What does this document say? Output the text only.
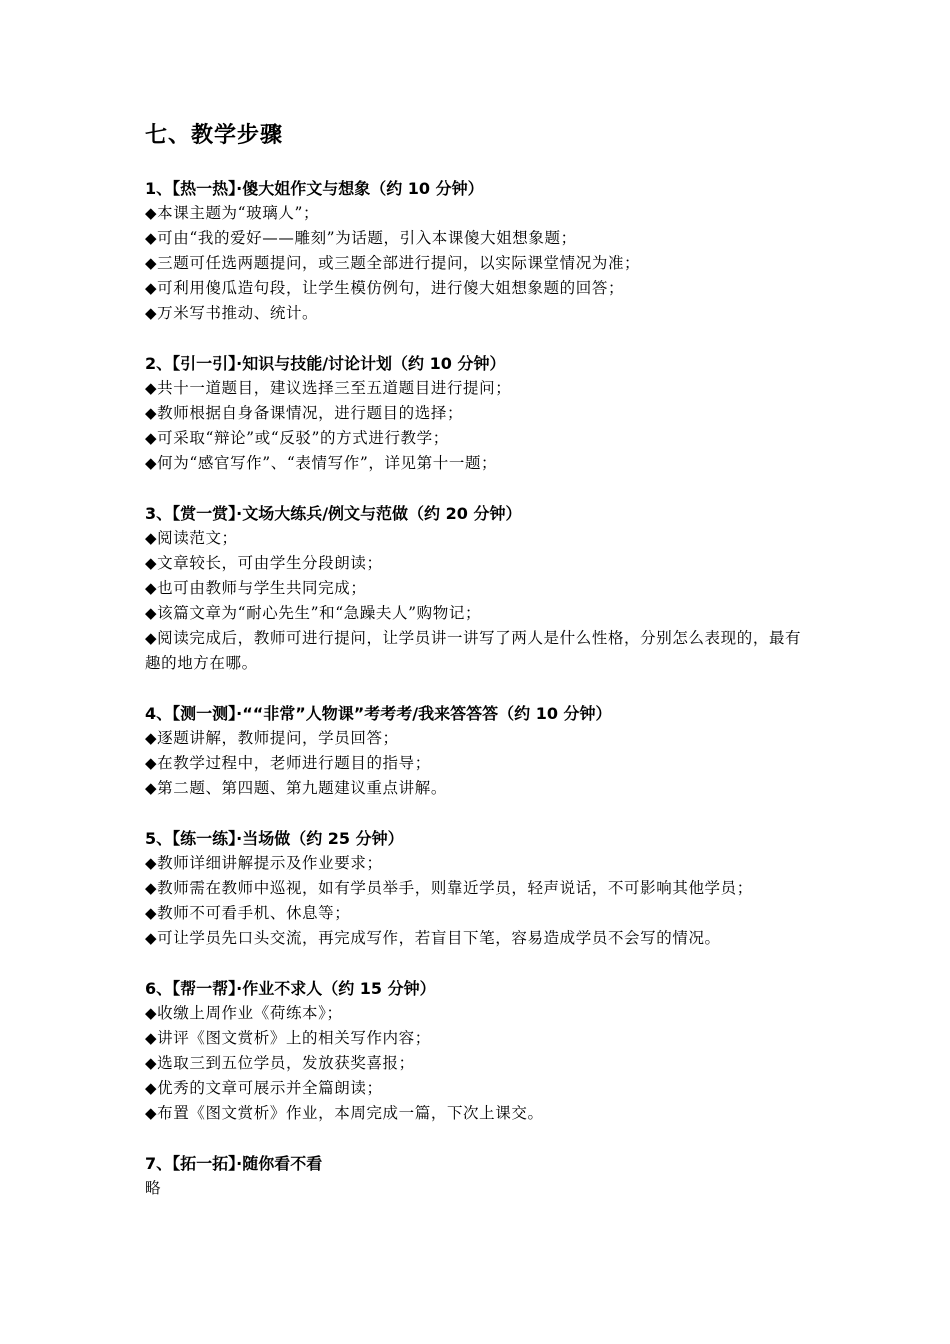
七、教学步骤
1、【热一热】·傻大姐作文与想象（约 10 分钟）
◆本课主题为“玻璃人”；
◆可由“我的爱好——雕刻”为话题，引入本课傻大姐想象题；
◆三题可任选两题提问，或三题全部进行提问，以实际课堂情况为准；
◆可利用傻瓜造句段，让学生模仿例句，进行傻大姐想象题的回答；
◆万米写书推动、统计。
2、【引一引】·知识与技能/讨论计划（约 10 分钟）
◆共十一道题目，建议选择三至五道题目进行提问；
◆教师根据自身备课情况，进行题目的选择；
◆可采取“辩论”或“反驳”的方式进行教学；
◆何为“感官写作”、“表情写作”，详见第十一题；
3、【赏一赏】·文场大练兵/例文与范做（约 20 分钟）
◆阅读范文；
◆文章较长，可由学生分段朗读；
◆也可由教师与学生共同完成；
◆该篇文章为“耐心先生”和“急躁夫人”购物记；
◆阅读完成后，教师可进行提问，让学员讲一讲写了两人是什么性格，分别怎么表现的，最有趣的地方在哪。
4、【测一测】·““非常”人物课”考考考/我来答答答（约 10 分钟）
◆逐题讲解，教师提问，学员回答；
◆在教学过程中，老师进行题目的指导；
◆第二题、第四题、第九题建议重点讲解。
5、【练一练】·当场做（约 25 分钟）
◆教师详细讲解提示及作业要求；
◆教师需在教师中巡视，如有学员举手，则靠近学员，轻声说话，不可影响其他学员；
◆教师不可看手机、休息等；
◆可让学员先口头交流，再完成写作，若盲目下笔，容易造成学员不会写的情况。
6、【帮一帮】·作业不求人（约 15 分钟）
◆收缴上周作业《荷练本》；
◆讲评《图文赏析》上的相关写作内容；
◆选取三到五位学员，发放获奖喜报；
◆优秀的文章可展示并全篇朗读；
◆布置《图文赏析》作业，本周完成一篇，下次上课交。
7、【拓一拓】·随你看不看
略
